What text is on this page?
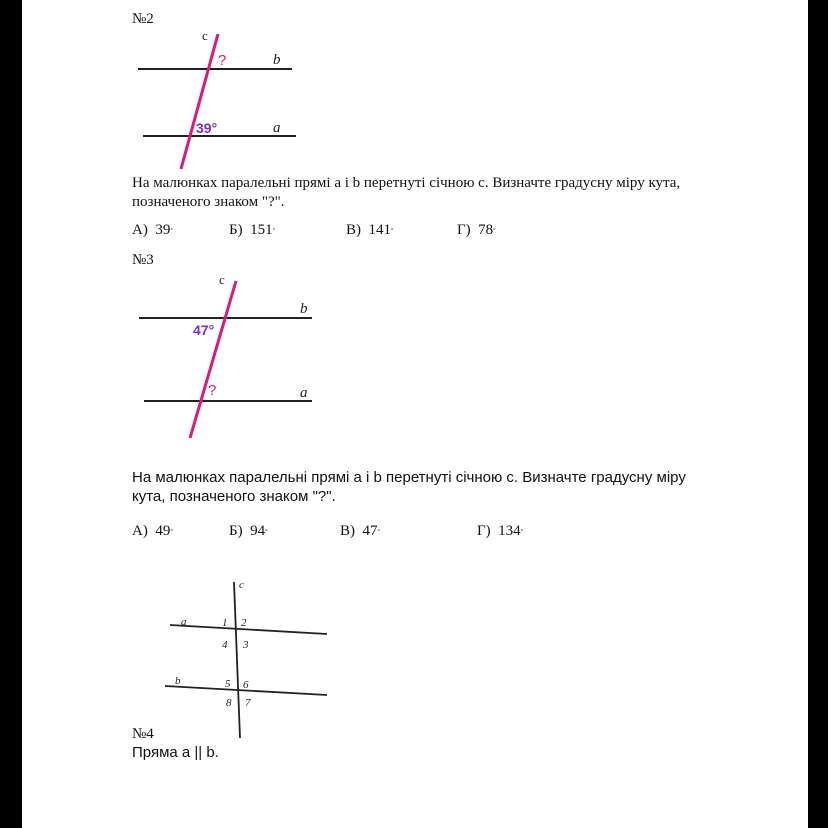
№2
c
b
a
?
39°
На малюнках паралельні прямі a і b перетнуті січною с. Визначте градусну міру кута,
позначеного знаком "?".
А) 39°	Б) 151°	В) 141°	Г) 78°
№3
c
b
a
47°
?
На малюнках паралельні прямі a і b перетнуті січною с. Визначте градусну міру
кута, позначеного знаком "?".
А) 49°	Б) 94°	В) 47°	Г) 134°
c
a
b
1 2
3
4
5 6
7
8
№4
Пряма a || b.
